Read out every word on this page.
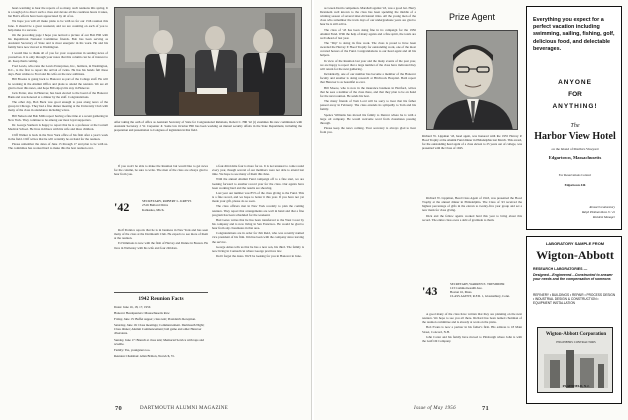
heart-warming to hear the reports of so many, such reunions this spring. It is a tough job to direct such a class and devote all the countless hours it takes, but Bob's efforts have been appreciated by all of us.

We hope you will all make plans to be with us for our 15th reunion this June. It should be a great weekend, and we are counting on each of you to help make it a success.

On the preceding page I hope you noticed a picture of our Bob Hill with his Republican National Committee friends. Bob has been serving as Assistant Secretary of State and is most energetic in his work. He and his family have now moved to Washington.

I would like to thank all of you for your cooperation in sending news of yourselves. It is only through your notes that this column can be of interest to all. Keep them coming.

Fred Lewis, who runs the Lewis Enterprises, Inc., builders, in Washington, D.C., is the first to report the arrival of twins. He has his hands full these days. Best wishes to Fred and his wife on the new additions.

Bill Brooks is going back to Hanover as part of the College staff. He will be working in the Alumni Office and plans to attend the reunion. We are all glad to hear this news, and hope Bill enjoys his stay in Hanover.

Jack Potter, also in Hanover, has been elected to the board of the Hanover Bank and was honored at a dinner by the staff. Congratulations.

The other day, Bob Beck was good enough to pass along news of the group in Chicago. They had a fine dinner meeting at the University Club with many of the class in attendance including wives.

Bill Nelson and Bob Mills report having a fine time at a recent gathering in New York. They continue to be among our most loyal supporters.

Dr. George Sanborn is happy to report that he is a professor at the Cornell Medical School. He lives in Ithaca with his wife and three children.

Cliff Walker is back in the New York office of his firm after a year's work in the field. Cliff writes that he will certainly be on hand for the reunion.

Please remember the dates of June 15 through 17 and plan to be with us. The committee has worked hard to make this the best reunion ever.

After taking the oath of office as Assistant Secretary of State for Congressional Relations, Robert C. Hill '42 (r) examines his new commission with Assistant Secretary J. W. Carpenter Jr. Some law October Hill has been working on mutual security affairs in the State Department, including the preparation and presentation to Congress of legislation in that field.

If you won't be able to make the Reunion but would like to get news for the column, be sure to write. The men of the class are always glad to hear from you.

'42	SECRETARY, ROBERT L. KREYS
2516 Ballard Drive
Kalkaska, Mich.

Rolf Prentice reports that he is in business in New York and has seen many of the class at the Dartmouth Club. He expects to see more of them at the reunion.

Ed Simmons is now with the firm of Harvey and Dunne in Boston. He lives in Wellesley with his wife and four children.

1942 Reunion Facts
Dates: June 16, 18, 17, 1956
Hanover Headquarters: Massachusetts Row
Friday, June 15: Buffet supper; class tent; President's Reception.
Saturday, June 16: Class meetings; Commencement. Dartmouth Night; Class dinner; Alumni Commencement; ball game and other Hanover diversions.
Sunday, June 17: Brunch at class tent; Memorial Service with taps and reveille.
Family: Yes, youngsters too.
Reunion Chairman: Allen Britton, Norwich, Vt.

a four-third-time four is more for us. It is not unusual to come round every year, though several of our members were not able to attend last time. We hope to see many of them this June.

With the annual Alumni Fund campaign off to a fine start, we are looking forward to another record year for the class. Our agents have been working hard and the results are showing.

Last year our number was 85% of the class giving to the Fund. This is a fine record, and we hope to better it this year. If you have not yet made your gift, please do so soon.

The class officers met in New York recently to plan the coming reunion. They report that arrangements are well in hand and that a fine program has been scheduled for the weekend.

Bud Gates writes that he has been transferred to the West Coast by his company and is now living in San Francisco. He would be glad to hear from any classmates in that area.

Congratulations are in order for Jim Reid, who was recently named vice president of his firm. Jim has been with the company since leaving the service.

George Ames tells us that he has a new son, his third. The family is now living in Connecticut where George practices law.

Don't forget the dates. We'll be looking for you in Hanover in June.

70	DARTMOUTH ALUMNI MAGAZINE

as Green Dorm companion. Marshall against '43, was a good bet. Harry Dzennom well known to the class has been spending the middle of a winning season of several inter-divisional titles. All the young men of the class who remember the track days of our undergraduate years are glad to hear he is still active.

The class of '43 has been doing fine in its campaign for the 1956 Alumni Fund. With the help of many agents and a fine spirit, the totals are well ahead of last year.

The "Dip" is doing its fine work. The class is proud to have been awarded the Harvey P. Hood Trophy for outstanding work, one of the most coveted honors of the Fund. Congratulations to our head agent and all his helpers.

In view of the Reunion last year and the many events of the past year, we are happy to report that a large number of the class have indicated they will return for the next gathering.

Incidentally, one of our number has become a member of the Hanover faculty and another is doing research at Hitchcock Hospital. Both report that Hanover is as beautiful as ever.

Bill Moore, who is now in the insurance business in Hartford, writes that he sees a number of the class there, and that they plan to be on hand for the next reunion. He sends his best.

The many friends of Tom Lord will be sorry to hear that his father passed away in February. The class extends its sympathy to Tom and his family.

Spence Williams has moved his family to Denver where he is with a large oil company. He would welcome word from classmates passing through.

Please keep the news coming. Your secretary is always glad to hear from you.

Prize Agent
Richard W. Lippman '43, head agent, was honored with the 1955 Harvey P. Hood Trophy at the Alumni Fund dinner in Philadelphia last March. This award, for the outstanding head agent of a class eleven to 25 years out of college, was presented with the Class of 1943.

Richard W. Lippman, Head Class Agent of 1943, was presented the Hood Trophy at the annual dinner in Philadelphia. The Class of '43 received the highest percentage of gifts in the eleven to twenty-five year group and set a new mark for class giving.

Dick and the fellow agents worked hard this year to bring about this record. The entire class owes a debt of gratitude to them.

'43	SECRETARY, WARREN E. TRESIDDER
123 Commonwealth Ave.
Boston 16, Mass.
CLASS AGENT, R.F.D. 1, Glastonbury, Conn.

A good many of the class have written that they are planning on the next reunion. We hope to see you all there. Richard has been named chairman of the reunion committee and is already at work on the plans.

Bob Evans is now a partner in his father's firm. His address is 18 Main Street, Concord, N.H.

John Carter and his family have moved to Pittsburgh where John is with the Gulf Oil Company.

Everything you expect for a perfect vacation including swimming, sailing, fishing, golf, delicious food, and delectable beverages.
ANYONE
FOR
ANYTHING!
The
Harbor View Hotel
on the Island of Martha's Vineyard
Edgartown, Massachusetts
For Reservations Contact
Edgartown 446
Research Laboratory
Ralph Pinkham Ross Jr. '41
Resident Manager
LABORATORY SAMPLE FROM
Wigton-Abbott
RESEARCH LABORATORIES —
Designed—Engineered—Constructed to answer your needs and the compensation of someone.
REFINERY • BUILDINGS • REPAIR • PROCESS DESIGN • INDUSTRIAL DESIGN & CONSTRUCTION • EQUIPMENT INSTALLATION
Wigton-Abbott Corporation
ENGINEERS CONTRACTORS
PLAINFIELD, N.J.
Issue of May 1956	71
